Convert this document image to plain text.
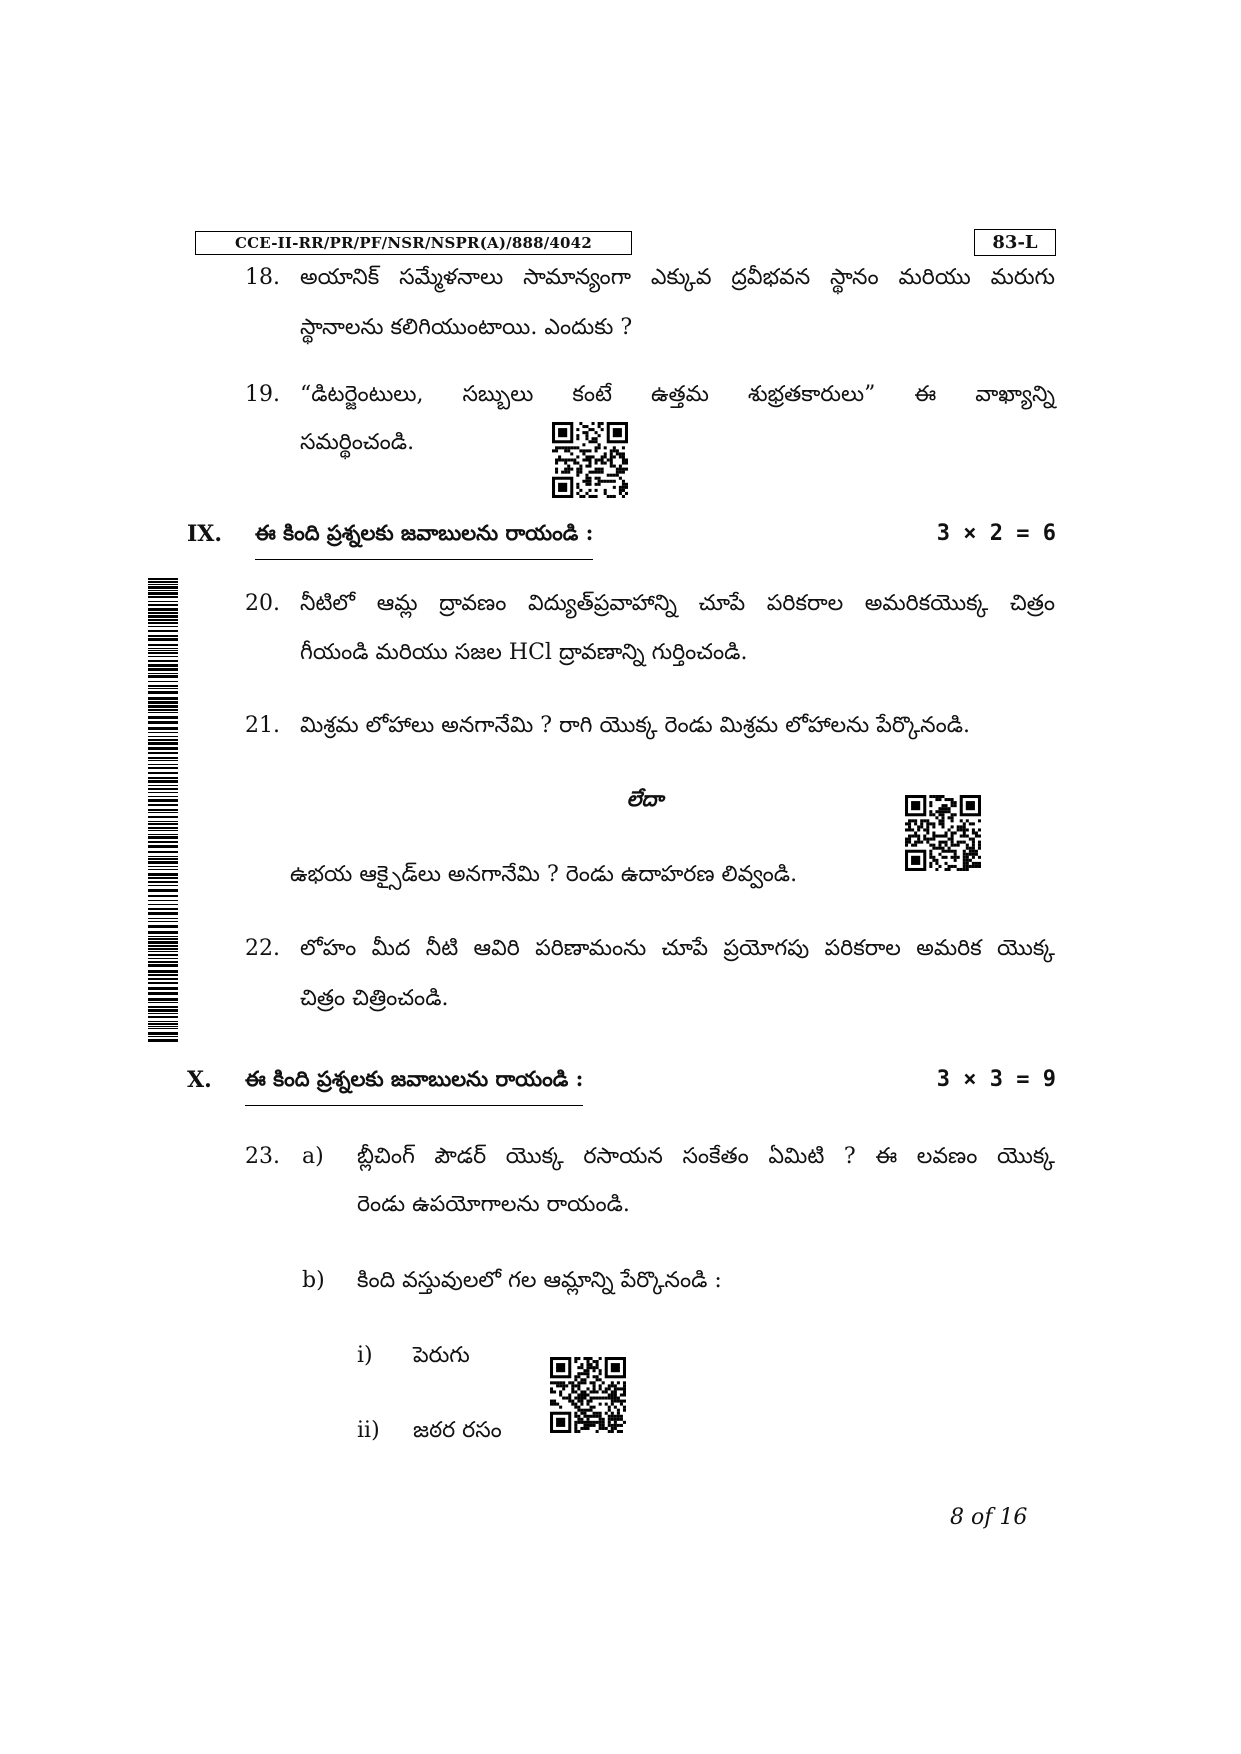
CCE-II-RR/PR/PF/NSR/NSPR(A)/888/4042	83-L
18. అయానిక్ సమ్మేళనాలు సామాన్యంగా ఎక్కువ ద్రవీభవన స్థానం మరియు మరుగు
స్థానాలను కలిగియుంటాయి. ఎందుకు ?
19. “డిటర్జెంటులు, సబ్బులు కంటే ఉత్తమ శుభ్రతకారులు” ఈ వాఖ్యాన్ని
సమర్థించండి.
IX. ఈ కింది ప్రశ్నలకు జవాబులను రాయండి :	3 × 2 = 6
20. నీటిలో ఆమ్ల ద్రావణం విద్యుత్‌ప్రవాహాన్ని చూపే పరికరాల అమరికయొక్క చిత్రం
గీయండి మరియు సజల HCl ద్రావణాన్ని గుర్తించండి.
21. మిశ్రమ లోహాలు అనగానేమి ? రాగి యొక్క రెండు మిశ్రమ లోహాలను పేర్కొనండి.
లేదా
ఉభయ ఆక్సైడ్‌లు అనగానేమి ? రెండు ఉదాహరణ లివ్వండి.
22. లోహం మీద నీటి ఆవిరి పరిణామంను చూపే ప్రయోగపు పరికరాల అమరిక యొక్క
చిత్రం చిత్రించండి.
X. ఈ కింది ప్రశ్నలకు జవాబులను రాయండి :	3 × 3 = 9
23. a) బ్లీచింగ్ పౌడర్ యొక్క రసాయన సంకేతం ఏమిటి ? ఈ లవణం యొక్క
రెండు ఉపయోగాలను రాయండి.
b) కింది వస్తువులలో గల ఆమ్లాన్ని పేర్కొనండి :
i) పెరుగు
ii) జఠర రసం
8 of 16
